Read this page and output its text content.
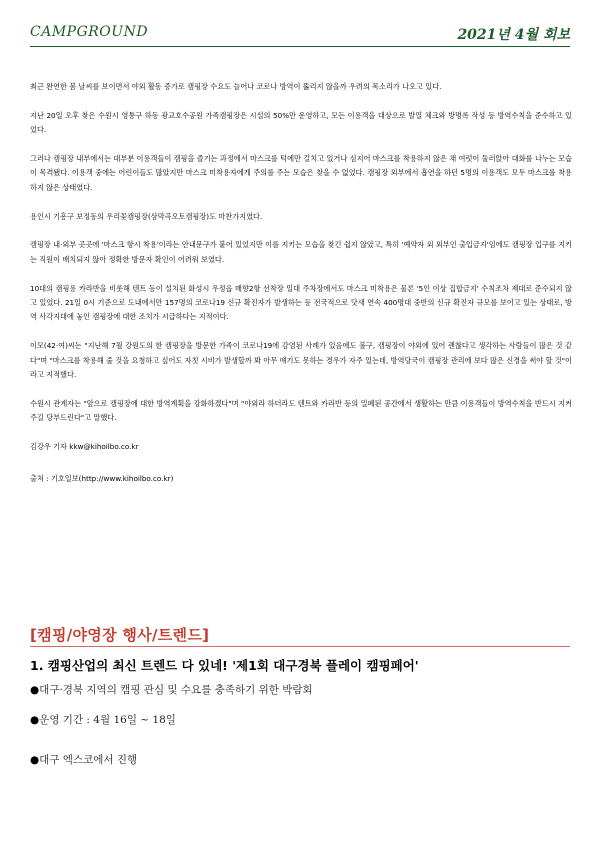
CAMPGROUND	2021년 4월 회보

최근 완연한 봄 날씨를 보이면서 야외 활동 증가로 캠핑장 수요도 늘어나 코로나 방역이 뚫리지 않을까 우려의 목소리가 나오고 있다.

지난 20일 오후 찾은 수원시 영통구 하동 광교호수공원 가족캠핑장은 시설의 50%만 운영하고, 모든 이용객을 대상으로 발열 체크와 방명록 작성 등 방역수칙을 준수하고 있었다.

그러나 캠핑장 내부에서는 대부분 이용객들이 캠핑을 즐기는 과정에서 마스크를 턱에만 걸치고 있거나 심지어 마스크를 착용하지 않은 채 여럿이 둘러앉아 대화를 나누는 모습이 목격됐다. 이용객 중에는 어린이들도 많았지만 마스크 미착용자에게 주의를 주는 모습은 찾을 수 없었다. 캠핑장 외부에서 흡연을 하던 5명의 이용객도 모두 마스크를 착용하지 않은 상태였다.

용인시 기흥구 보정동의 우리꽃캠핑장(삼막곡오토캠핑장)도 마찬가지였다.

캠핑장 내·외부 곳곳에 '마스크 항시 착용'이라는 안내문구가 붙어 있었지만 이를 지키는 모습을 찾긴 쉽지 않았고, 특히 '예약자 외 외부인 출입금지'임에도 캠핑장 입구를 지키는 직원이 배치되지 않아 정확한 방문자 확인이 어려워 보였다.

10대의 캠핑용 카라반을 비롯해 텐트 등이 설치된 화성시 우정읍 매향2항 선착장 일대 주차장에서도 마스크 미착용은 물론 '5인 이상 집합금지' 수칙조차 제대로 준수되지 않고 있었다. 21일 0시 기준으로 도내에서만 157명의 코로나19 신규 확진자가 발생하는 등 전국적으로 닷새 연속 400명대 중반의 신규 확진자 규모를 보이고 있는 상태로, 방역 사각지대에 놓인 캠핑장에 대한 조치가 시급하다는 지적이다.

이모(42·여)씨는 "지난해 7월 강원도의 한 캠핑장을 방문한 가족이 코로나19에 감염된 사례가 있음에도 불구, 캠핑장이 야외에 있어 괜찮다고 생각하는 사람들이 많은 것 같다"며 "마스크를 착용해 줄 것을 요청하고 싶어도 자칫 시비가 발생할까 봐 아무 얘기도 못하는 경우가 자주 있는데, 방역당국이 캠핑장 관리에 보다 많은 신경을 써야 할 것"이라고 지적했다.

수원시 관계자는 "앞으로 캠핑장에 대한 방역계획을 강화하겠다"며 "야외라 하더라도 텐트와 카라반 등의 밀폐된 공간에서 생활하는 만큼 이용객들이 방역수칙을 반드시 지켜 주길 당부드린다"고 말했다.

김강우 기자 kkw@kihoilbo.co.kr

출처 : 기호일보(http://www.kihoilbo.co.kr)

[캠핑/야영장 행사/트렌드]
1. 캠핑산업의 최신 트렌드 다 있네! '제1회 대구경북 플레이 캠핑페어'
●대구·경북 지역의 캠핑 관심 및 수요를 충족하기 위한 박람회
●운영 기간 : 4월 16일 ~ 18일
●대구 엑스코에서 진행
